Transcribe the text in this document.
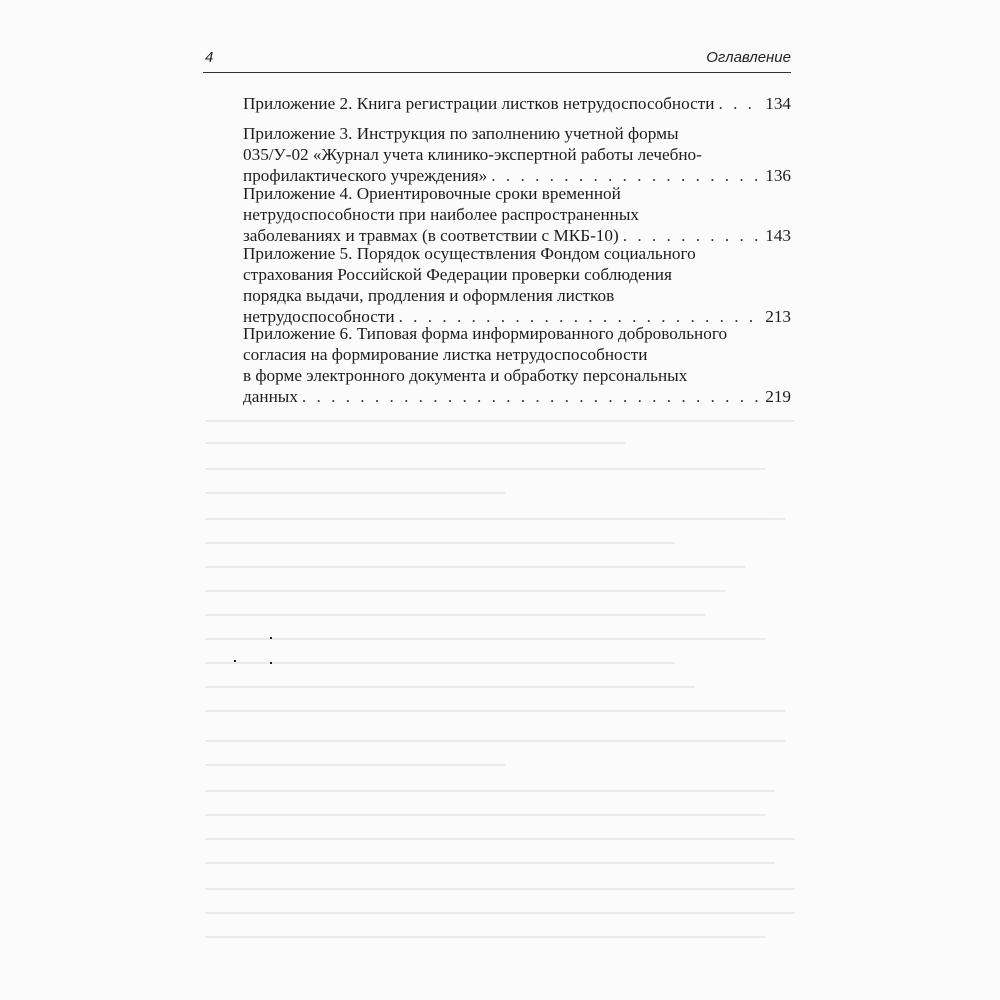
4	Оглавление
Приложение 2. Книга регистрации листков нетрудоспособности . . .	134
Приложение 3. Инструкция по заполнению учетной формы
035/У-02 «Журнал учета клинико-экспертной работы лечебно-
профилактического учреждения» . . .	136
Приложение 4. Ориентировочные сроки временной
нетрудоспособности при наиболее распространенных
заболеваниях и травмах (в соответствии с МКБ-10) . . .	143
Приложение 5. Порядок осуществления Фондом социального
страхования Российской Федерации проверки соблюдения
порядка выдачи, продления и оформления листков
нетрудоспособности . . .	213
Приложение 6. Типовая форма информированного добровольного
согласия на формирование листка нетрудоспособности
в форме электронного документа и обработку персональных
данных . . .	219
